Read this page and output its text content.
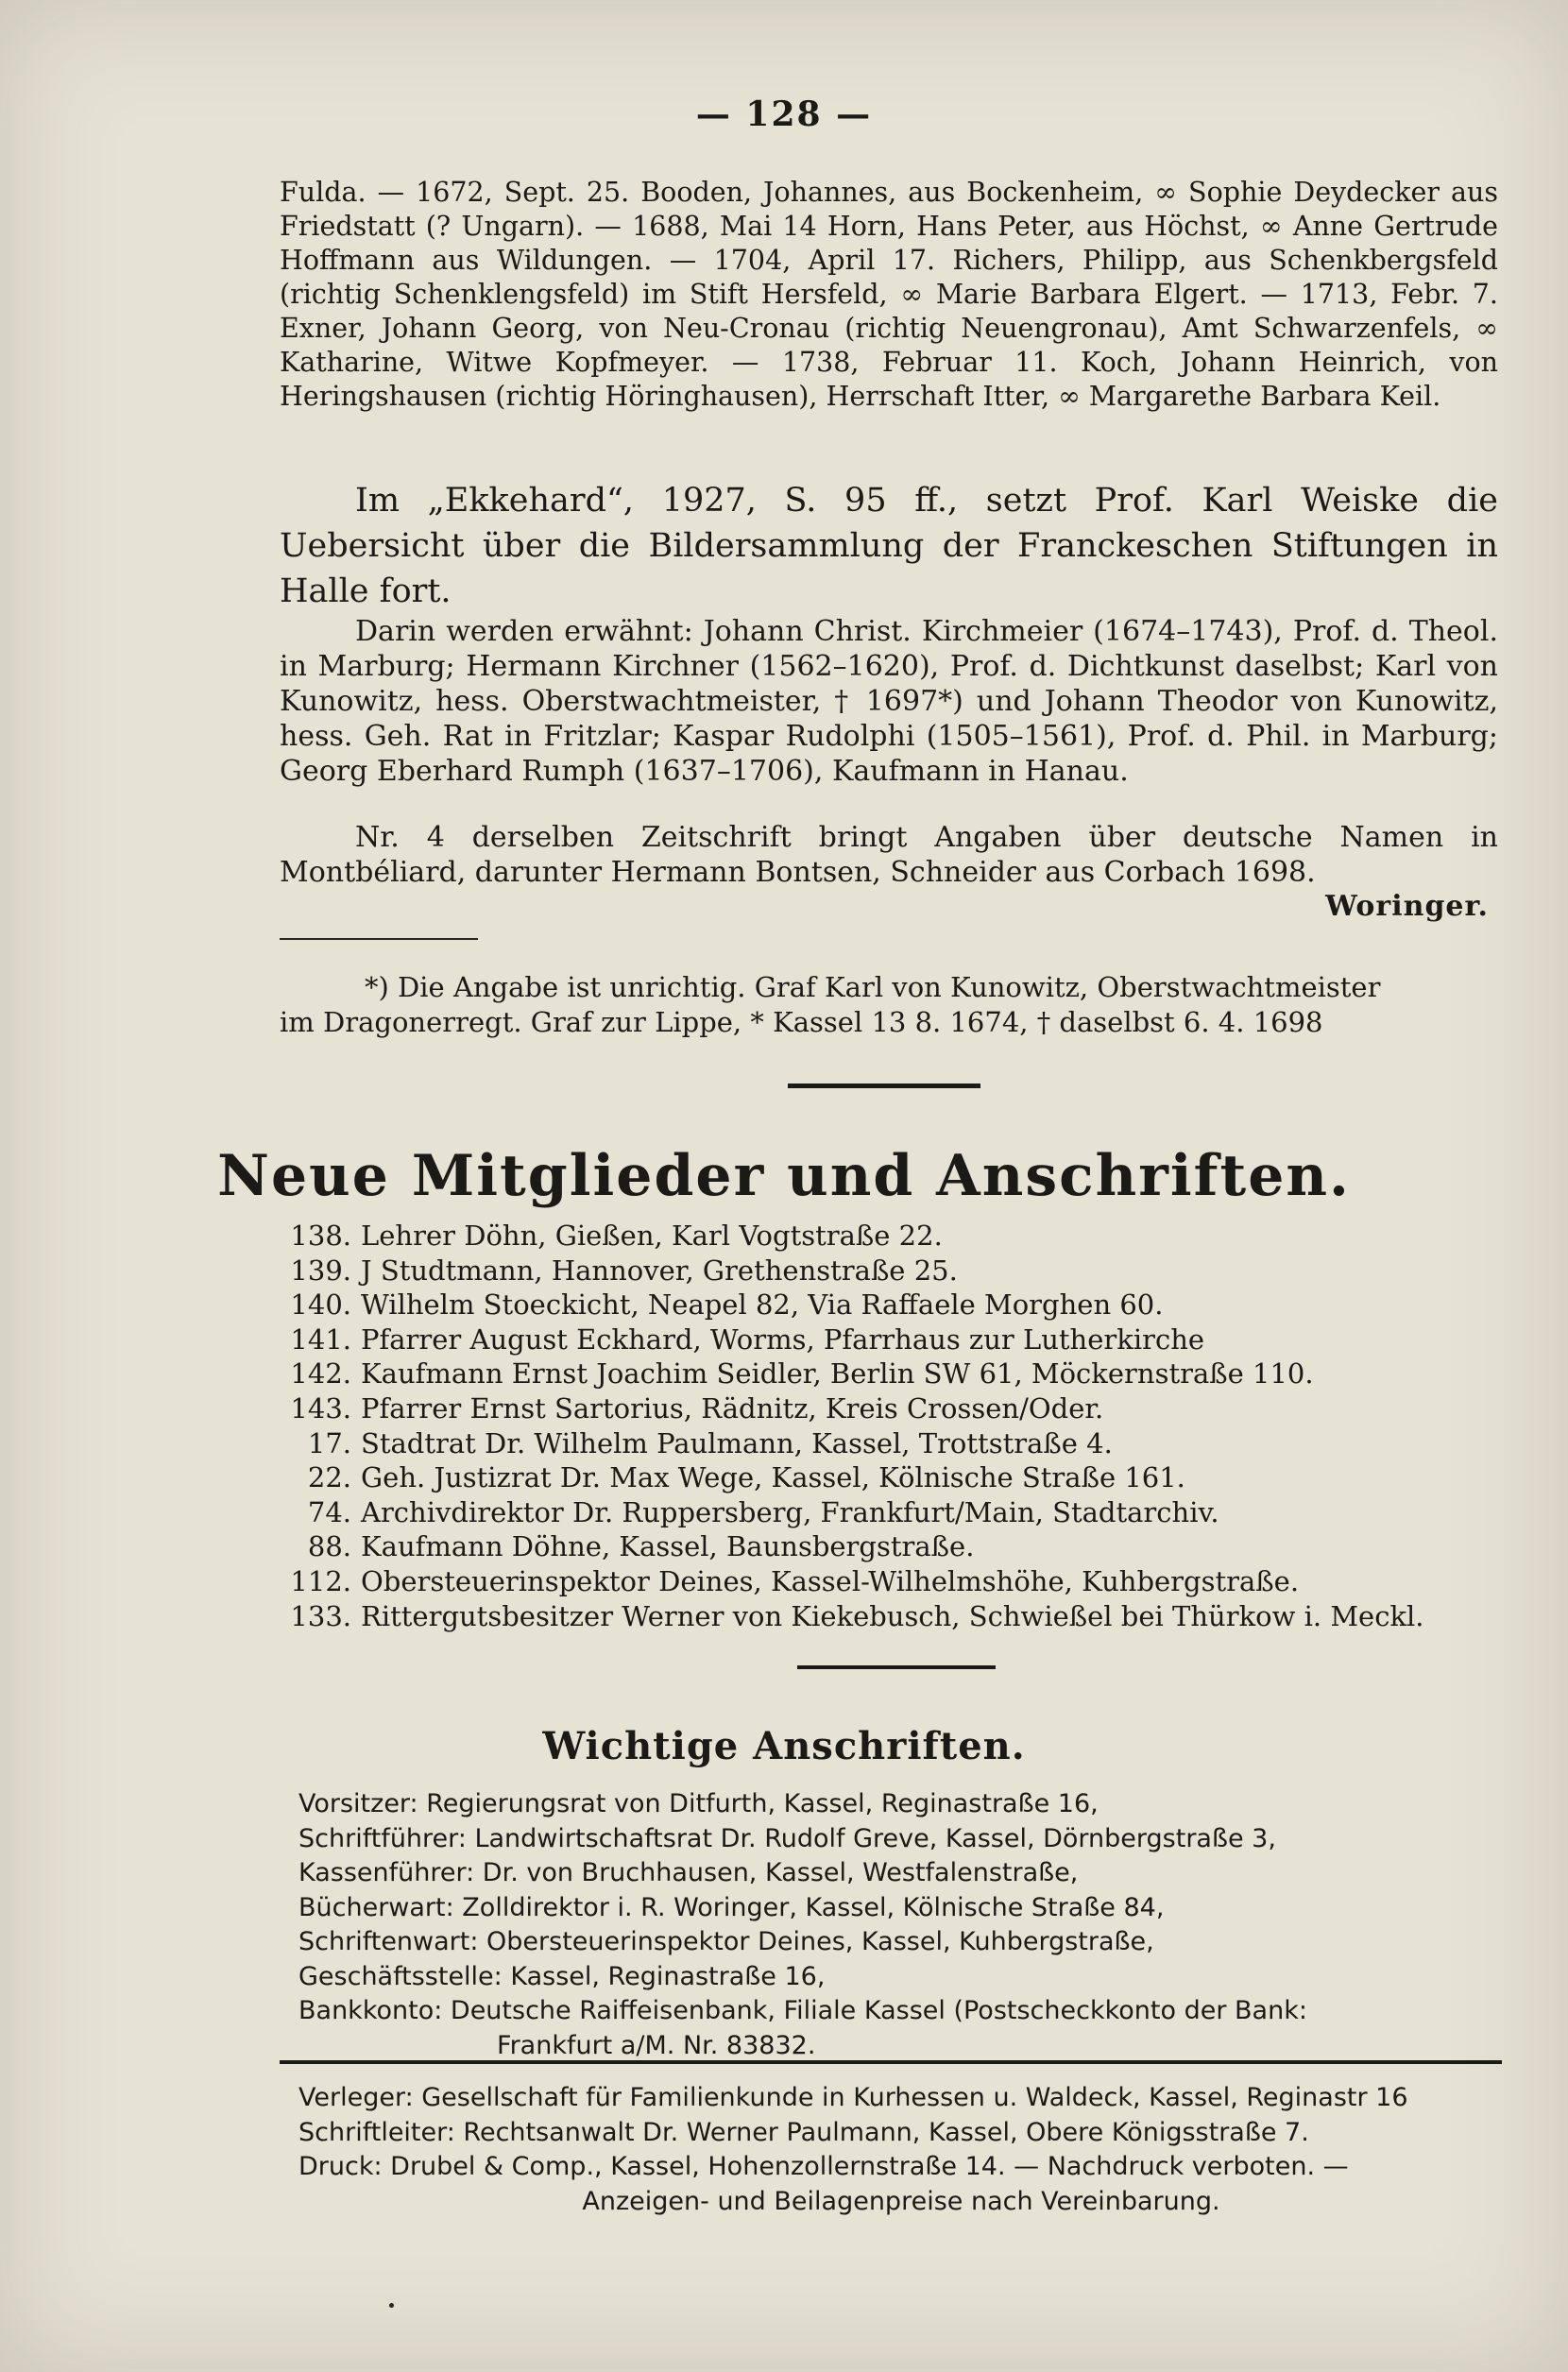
— 128 —

Fulda. — 1672, Sept. 25. Booden, Johannes, aus Bockenheim, ∞ Sophie Deydecker aus Friedstatt (? Ungarn). — 1688, Mai 14 Horn, Hans Peter, aus Höchst, ∞ Anne Gertrude Hoffmann aus Wildungen. — 1704, April 17. Richers, Philipp, aus Schenkbergsfeld (richtig Schenklengsfeld) im Stift Hersfeld, ∞ Marie Barbara Elgert. — 1713, Febr. 7. Exner, Johann Georg, von Neu-Cronau (richtig Neuengronau), Amt Schwarzenfels, ∞ Katharine, Witwe Kopfmeyer. — 1738, Februar 11. Koch, Johann Heinrich, von Heringshausen (richtig Höringhausen), Herrschaft Itter, ∞ Margarethe Barbara Keil.

Im „Ekkehard“, 1927, S. 95 ff., setzt Prof. Karl Weiske die Uebersicht über die Bildersammlung der Franckeschen Stiftungen in Halle fort.

Darin werden erwähnt: Johann Christ. Kirchmeier (1674–1743), Prof. d. Theol. in Marburg; Hermann Kirchner (1562–1620), Prof. d. Dichtkunst daselbst; Karl von Kunowitz, hess. Oberstwachtmeister, † 1697*) und Johann Theodor von Kunowitz, hess. Geh. Rat in Fritzlar; Kaspar Rudolphi (1505–1561), Prof. d. Phil. in Marburg; Georg Eberhard Rumph (1637–1706), Kaufmann in Hanau.

Nr. 4 derselben Zeitschrift bringt Angaben über deutsche Namen in Montbéliard, darunter Hermann Bontsen, Schneider aus Corbach 1698.

Woringer.

*) Die Angabe ist unrichtig. Graf Karl von Kunowitz, Oberstwachtmeister

im Dragonerregt. Graf zur Lippe, * Kassel 13 8. 1674, † daselbst 6. 4. 1698

Neue Mitglieder und Anschriften.
138. Lehrer Döhn, Gießen, Karl Vogtstraße 22.
139. J Studtmann, Hannover, Grethenstraße 25.
140. Wilhelm Stoeckicht, Neapel 82, Via Raffaele Morghen 60.
141. Pfarrer August Eckhard, Worms, Pfarrhaus zur Lutherkirche
142. Kaufmann Ernst Joachim Seidler, Berlin SW 61, Möckernstraße 110.
143. Pfarrer Ernst Sartorius, Rädnitz, Kreis Crossen/Oder.
17. Stadtrat Dr. Wilhelm Paulmann, Kassel, Trottstraße 4.
22. Geh. Justizrat Dr. Max Wege, Kassel, Kölnische Straße 161.
74. Archivdirektor Dr. Ruppersberg, Frankfurt/Main, Stadtarchiv.
88. Kaufmann Döhne, Kassel, Baunsbergstraße.
112. Obersteuerinspektor Deines, Kassel-Wilhelmshöhe, Kuhbergstraße.
133. Rittergutsbesitzer Werner von Kiekebusch, Schwießel bei Thürkow i. Meckl.
Wichtige Anschriften.
Vorsitzer: Regierungsrat von Ditfurth, Kassel, Reginastraße 16,
Schriftführer: Landwirtschaftsrat Dr. Rudolf Greve, Kassel, Dörnbergstraße 3,
Kassenführer: Dr. von Bruchhausen, Kassel, Westfalenstraße,
Bücherwart: Zolldirektor i. R. Woringer, Kassel, Kölnische Straße 84,
Schriftenwart: Obersteuerinspektor Deines, Kassel, Kuhbergstraße,
Geschäftsstelle: Kassel, Reginastraße 16,
Bankkonto: Deutsche Raiffeisenbank, Filiale Kassel (Postscheckkonto der Bank:
Frankfurt a/M. Nr. 83832.
Verleger: Gesellschaft für Familienkunde in Kurhessen u. Waldeck, Kassel, Reginastr 16
Schriftleiter: Rechtsanwalt Dr. Werner Paulmann, Kassel, Obere Königsstraße 7.
Druck: Drubel & Comp., Kassel, Hohenzollernstraße 14. — Nachdruck verboten. —
Anzeigen- und Beilagenpreise nach Vereinbarung.
